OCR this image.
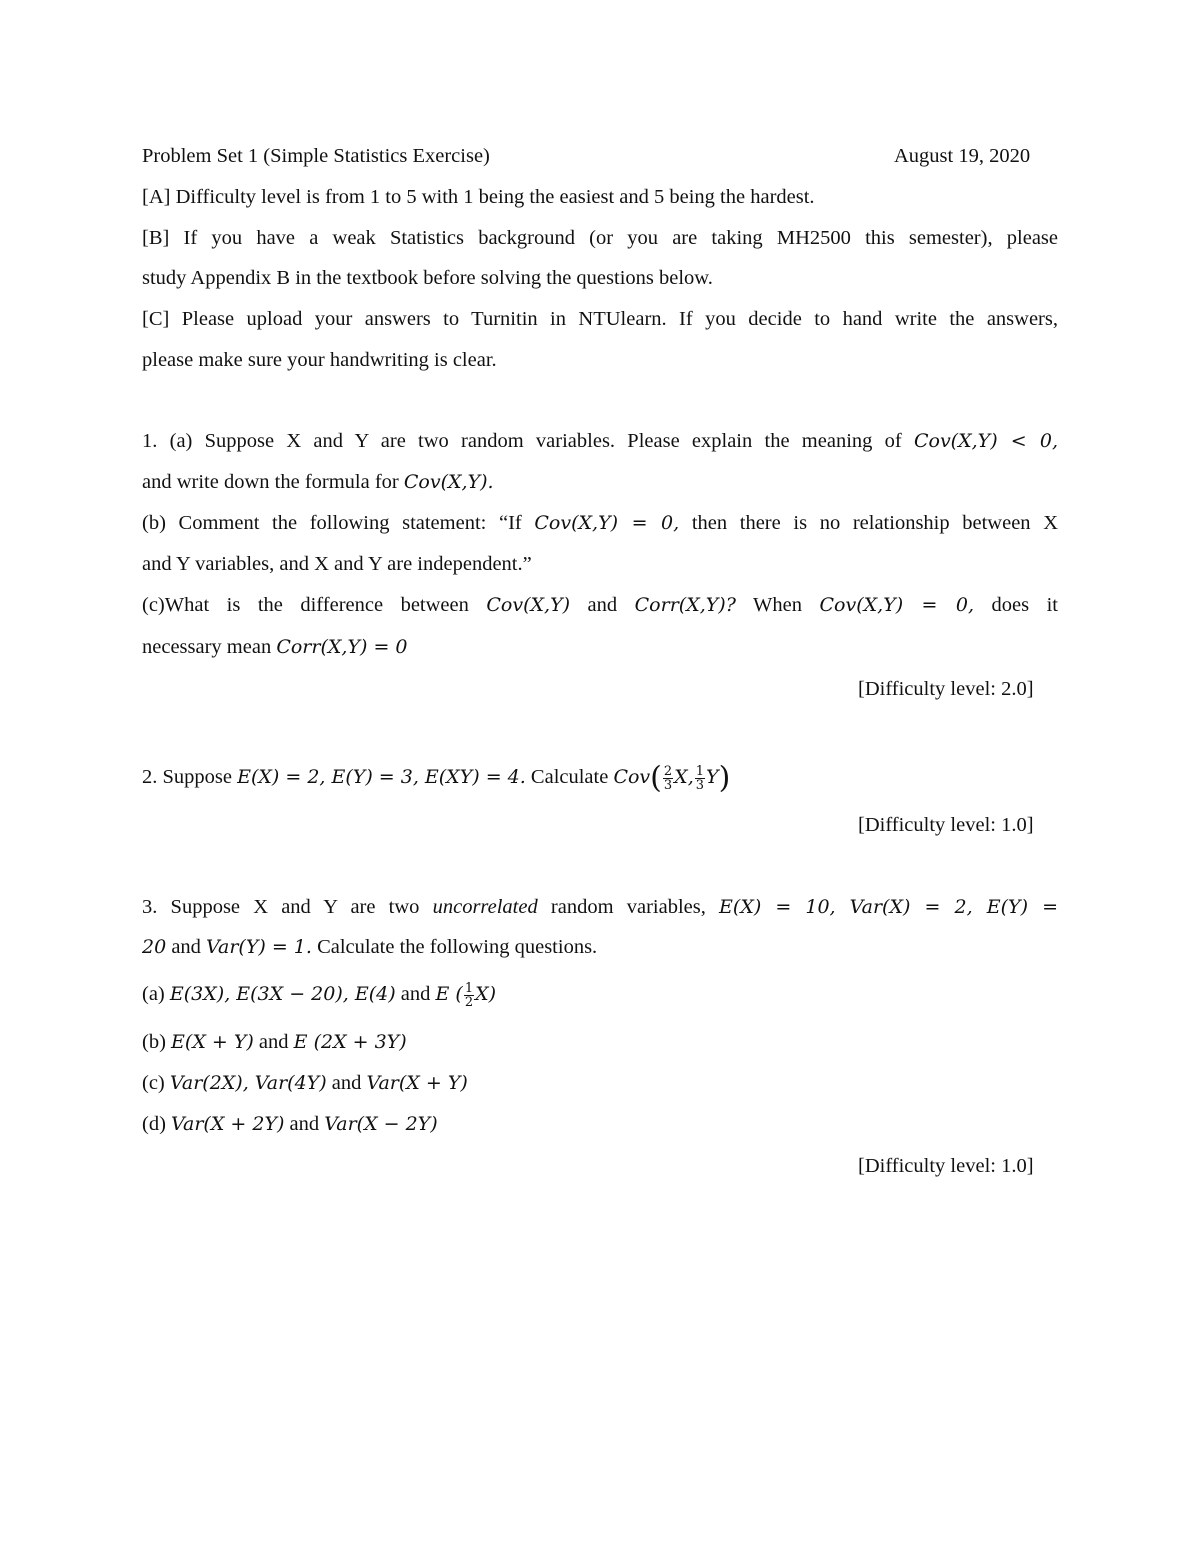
Problem Set 1 (Simple Statistics Exercise)	August 19, 2020
[A] Difficulty level is from 1 to 5 with 1 being the easiest and 5 being the hardest.
[B] If you have a weak Statistics background (or you are taking MH2500 this semester), please
study Appendix B in the textbook before solving the questions below.
[C] Please upload your answers to Turnitin in NTUlearn. If you decide to hand write the answers,
please make sure your handwriting is clear.
1. (a) Suppose X and Y are two random variables. Please explain the meaning of Cov(X,Y) < 0,
and write down the formula for Cov(X,Y).
(b) Comment the following statement: “If Cov(X,Y) = 0, then there is no relationship between X
and Y variables, and X and Y are independent.”
(c)What is the difference between Cov(X,Y) and Corr(X,Y)? When Cov(X,Y) = 0, does it
necessary mean Corr(X,Y) = 0
[Difficulty level: 2.0]
2. Suppose E(X) = 2, E(Y) = 3, E(XY) = 4. Calculate $Cov( \frac{2}{3} X$, $\frac{1}{3} Y$)
[Difficulty level: 1.0]
3. Suppose X and Y are two uncorrelated random variables, E(X) = 10, Var(X) = 2, E(Y) =
20 and Var(Y) = 1. Calculate the following questions.
(a) E(3X), E(3X − 20), E(4) and E ( $\frac{1}{2} X$)
(b) E(X + Y) and E (2X + 3Y)
(c) Var(2X), Var(4Y) and Var(X + Y)
(d) Var(X + 2Y) and Var(X − 2Y)
[Difficulty level: 1.0]
